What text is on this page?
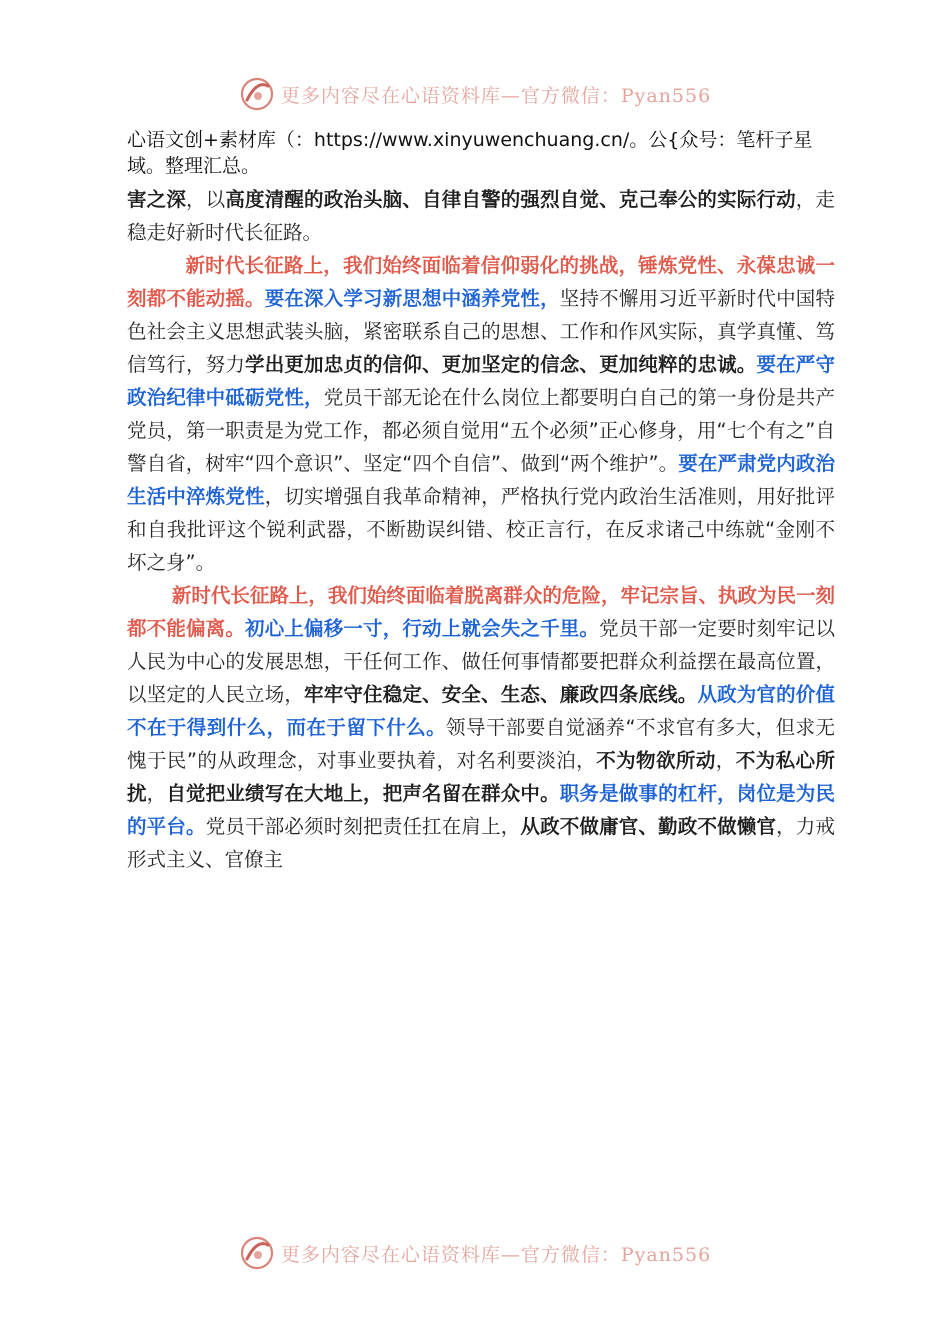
更多内容尽在心语资料库—官方微信：Pyan556
心语文创+素材库（：https://www.xinyuwenchuang.cn/。公{众号：笔杆子星域。整理汇总。

害之深，以高度清醒的政治头脑、自律自警的强烈自觉、克己奉公的实际行动，走稳走好新时代长征路。

新时代长征路上，我们始终面临着信仰弱化的挑战，锤炼党性、永葆忠诚一刻都不能动摇。要在深入学习新思想中涵养党性，坚持不懈用习近平新时代中国特色社会主义思想武装头脑，紧密联系自己的思想、工作和作风实际，真学真懂、笃信笃行，努力学出更加忠贞的信仰、更加坚定的信念、更加纯粹的忠诚。要在严守政治纪律中砥砺党性，党员干部无论在什么岗位上都要明白自己的第一身份是共产党员，第一职责是为党工作，都必须自觉用“五个必须”正心修身，用“七个有之”自警自省，树牢“四个意识”、坚定“四个自信”、做到“两个维护”。要在严肃党内政治生活中淬炼党性，切实增强自我革命精神，严格执行党内政治生活准则，用好批评和自我批评这个锐利武器，不断勘误纠错、校正言行，在反求诸己中练就“金刚不坏之身”。

新时代长征路上，我们始终面临着脱离群众的危险，牢记宗旨、执政为民一刻都不能偏离。初心上偏移一寸，行动上就会失之千里。党员干部一定要时刻牢记以人民为中心的发展思想，干任何工作、做任何事情都要把群众利益摆在最高位置，以坚定的人民立场，牢牢守住稳定、安全、生态、廉政四条底线。从政为官的价值不在于得到什么，而在于留下什么。领导干部要自觉涵养“不求官有多大，但求无愧于民”的从政理念，对事业要执着，对名利要淡泊，不为物欲所动，不为私心所扰，自觉把业绩写在大地上，把声名留在群众中。职务是做事的杠杆，岗位是为民的平台。党员干部必须时刻把责任扛在肩上，从政不做庸官、勤政不做懒官，力戒形式主义、官僚主

更多内容尽在心语资料库—官方微信：Pyan556
